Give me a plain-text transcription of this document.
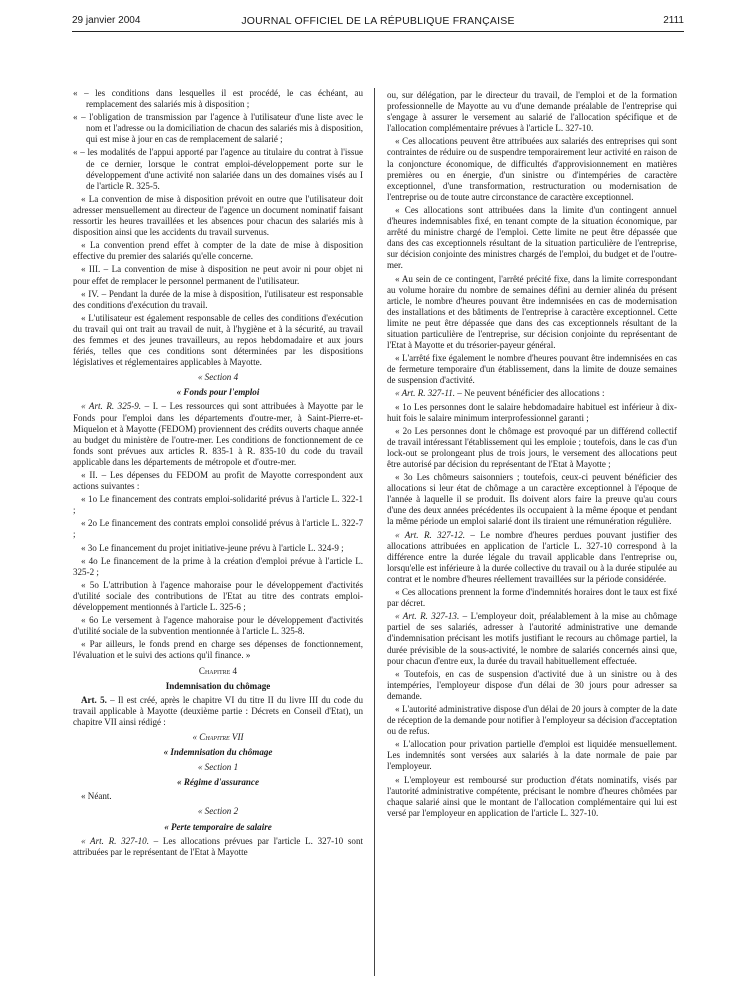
29 janvier 2004	JOURNAL OFFICIEL DE LA RÉPUBLIQUE FRANÇAISE	2111

« – les conditions dans lesquelles il est procédé, le cas échéant, au remplacement des salariés mis à disposition ;

« – l'obligation de transmission par l'agence à l'utilisateur d'une liste avec le nom et l'adresse ou la domiciliation de chacun des salariés mis à disposition, qui est mise à jour en cas de remplacement de salarié ;

« – les modalités de l'appui apporté par l'agence au titulaire du contrat à l'issue de ce dernier, lorsque le contrat emploi-développement porte sur le développement d'une activité non salariée dans un des domaines visés au I de l'article R. 325-5.

« La convention de mise à disposition prévoit en outre que l'utilisateur doit adresser mensuellement au directeur de l'agence un document nominatif faisant ressortir les heures travaillées et les absences pour chacun des salariés mis à disposition ainsi que les accidents du travail survenus.

« La convention prend effet à compter de la date de mise à disposition effective du premier des salariés qu'elle concerne.

« III. – La convention de mise à disposition ne peut avoir ni pour objet ni pour effet de remplacer le personnel permanent de l'utilisateur.

« IV. – Pendant la durée de la mise à disposition, l'utilisateur est responsable des conditions d'exécution du travail.

« L'utilisateur est également responsable de celles des conditions d'exécution du travail qui ont trait au travail de nuit, à l'hygiène et à la sécurité, au travail des femmes et des jeunes travailleurs, au repos hebdomadaire et aux jours fériés, telles que ces conditions sont déterminées par les dispositions législatives et réglementaires applicables à Mayotte.

« Section 4

« Fonds pour l'emploi

« Art. R. 325-9. – I. – Les ressources qui sont attribuées à Mayotte par le Fonds pour l'emploi dans les départements d'outre-mer, à Saint-Pierre-et-Miquelon et à Mayotte (FEDOM) proviennent des crédits ouverts chaque année au budget du ministère de l'outre-mer. Les conditions de fonctionnement de ce fonds sont prévues aux articles R. 835-1 à R. 835-10 du code du travail applicable dans les départements de métropole et d'outre-mer.

« II. – Les dépenses du FEDOM au profit de Mayotte correspondent aux actions suivantes :

« 1o Le financement des contrats emploi-solidarité prévus à l'article L. 322-1 ;

« 2o Le financement des contrats emploi consolidé prévus à l'article L. 322-7 ;

« 3o Le financement du projet initiative-jeune prévu à l'article L. 324-9 ;

« 4o Le financement de la prime à la création d'emploi prévue à l'article L. 325-2 ;

« 5o L'attribution à l'agence mahoraise pour le développement d'activités d'utilité sociale des contributions de l'Etat au titre des contrats emploi-développement mentionnés à l'article L. 325-6 ;

« 6o Le versement à l'agence mahoraise pour le développement d'activités d'utilité sociale de la subvention mentionnée à l'article L. 325-8.

« Par ailleurs, le fonds prend en charge ses dépenses de fonctionnement, l'évaluation et le suivi des actions qu'il finance. »

Chapitre 4

Indemnisation du chômage

Art. 5. – Il est créé, après le chapitre VI du titre II du livre III du code du travail applicable à Mayotte (deuxième partie : Décrets en Conseil d'Etat), un chapitre VII ainsi rédigé :

« Chapitre VII

« Indemnisation du chômage

« Section 1

« Régime d'assurance

« Néant.

« Section 2

« Perte temporaire de salaire

« Art. R. 327-10. – Les allocations prévues par l'article L. 327-10 sont attribuées par le représentant de l'Etat à Mayotte

ou, sur délégation, par le directeur du travail, de l'emploi et de la formation professionnelle de Mayotte au vu d'une demande préalable de l'entreprise qui s'engage à assurer le versement au salarié de l'allocation spécifique et de l'allocation complémentaire prévues à l'article L. 327-10.

« Ces allocations peuvent être attribuées aux salariés des entreprises qui sont contraintes de réduire ou de suspendre temporairement leur activité en raison de la conjoncture économique, de difficultés d'approvisionnement en matières premières ou en énergie, d'un sinistre ou d'intempéries de caractère exceptionnel, d'une transformation, restructuration ou modernisation de l'entreprise ou de toute autre circonstance de caractère exceptionnel.

« Ces allocations sont attribuées dans la limite d'un contingent annuel d'heures indemnisables fixé, en tenant compte de la situation économique, par arrêté du ministre chargé de l'emploi. Cette limite ne peut être dépassée que dans des cas exceptionnels résultant de la situation particulière de l'entreprise, sur décision conjointe des ministres chargés de l'emploi, du budget et de l'outre-mer.

« Au sein de ce contingent, l'arrêté précité fixe, dans la limite correspondant au volume horaire du nombre de semaines défini au dernier alinéa du présent article, le nombre d'heures pouvant être indemnisées en cas de modernisation des installations et des bâtiments de l'entreprise à caractère exceptionnel. Cette limite ne peut être dépassée que dans des cas exceptionnels résultant de la situation particulière de l'entreprise, sur décision conjointe du représentant de l'Etat à Mayotte et du trésorier-payeur général.

« L'arrêté fixe également le nombre d'heures pouvant être indemnisées en cas de fermeture temporaire d'un établissement, dans la limite de douze semaines de suspension d'activité.

« Art. R. 327-11. – Ne peuvent bénéficier des allocations :

« 1o Les personnes dont le salaire hebdomadaire habituel est inférieur à dix-huit fois le salaire minimum interprofessionnel garanti ;

« 2o Les personnes dont le chômage est provoqué par un différend collectif de travail intéressant l'établissement qui les emploie ; toutefois, dans le cas d'un lock-out se prolongeant plus de trois jours, le versement des allocations peut être autorisé par décision du représentant de l'Etat à Mayotte ;

« 3o Les chômeurs saisonniers ; toutefois, ceux-ci peuvent bénéficier des allocations si leur état de chômage a un caractère exceptionnel à l'époque de l'année à laquelle il se produit. Ils doivent alors faire la preuve qu'au cours d'une des deux années précédentes ils occupaient à la même époque et pendant la même période un emploi salarié dont ils tiraient une rémunération régulière.

« Art. R. 327-12. – Le nombre d'heures perdues pouvant justifier des allocations attribuées en application de l'article L. 327-10 correspond à la différence entre la durée légale du travail applicable dans l'entreprise ou, lorsqu'elle est inférieure à la durée collective du travail ou à la durée stipulée au contrat et le nombre d'heures réellement travaillées sur la période considérée.

« Ces allocations prennent la forme d'indemnités horaires dont le taux est fixé par décret.

« Art. R. 327-13. – L'employeur doit, préalablement à la mise au chômage partiel de ses salariés, adresser à l'autorité administrative une demande d'indemnisation précisant les motifs justifiant le recours au chômage partiel, la durée prévisible de la sous-activité, le nombre de salariés concernés ainsi que, pour chacun d'entre eux, la durée du travail habituellement effectuée.

« Toutefois, en cas de suspension d'activité due à un sinistre ou à des intempéries, l'employeur dispose d'un délai de 30 jours pour adresser sa demande.

« L'autorité administrative dispose d'un délai de 20 jours à compter de la date de réception de la demande pour notifier à l'employeur sa décision d'acceptation ou de refus.

« L'allocation pour privation partielle d'emploi est liquidée mensuellement. Les indemnités sont versées aux salariés à la date normale de paie par l'employeur.

« L'employeur est remboursé sur production d'états nominatifs, visés par l'autorité administrative compétente, précisant le nombre d'heures chômées par chaque salarié ainsi que le montant de l'allocation complémentaire qui lui est versé par l'employeur en application de l'article L. 327-10.
